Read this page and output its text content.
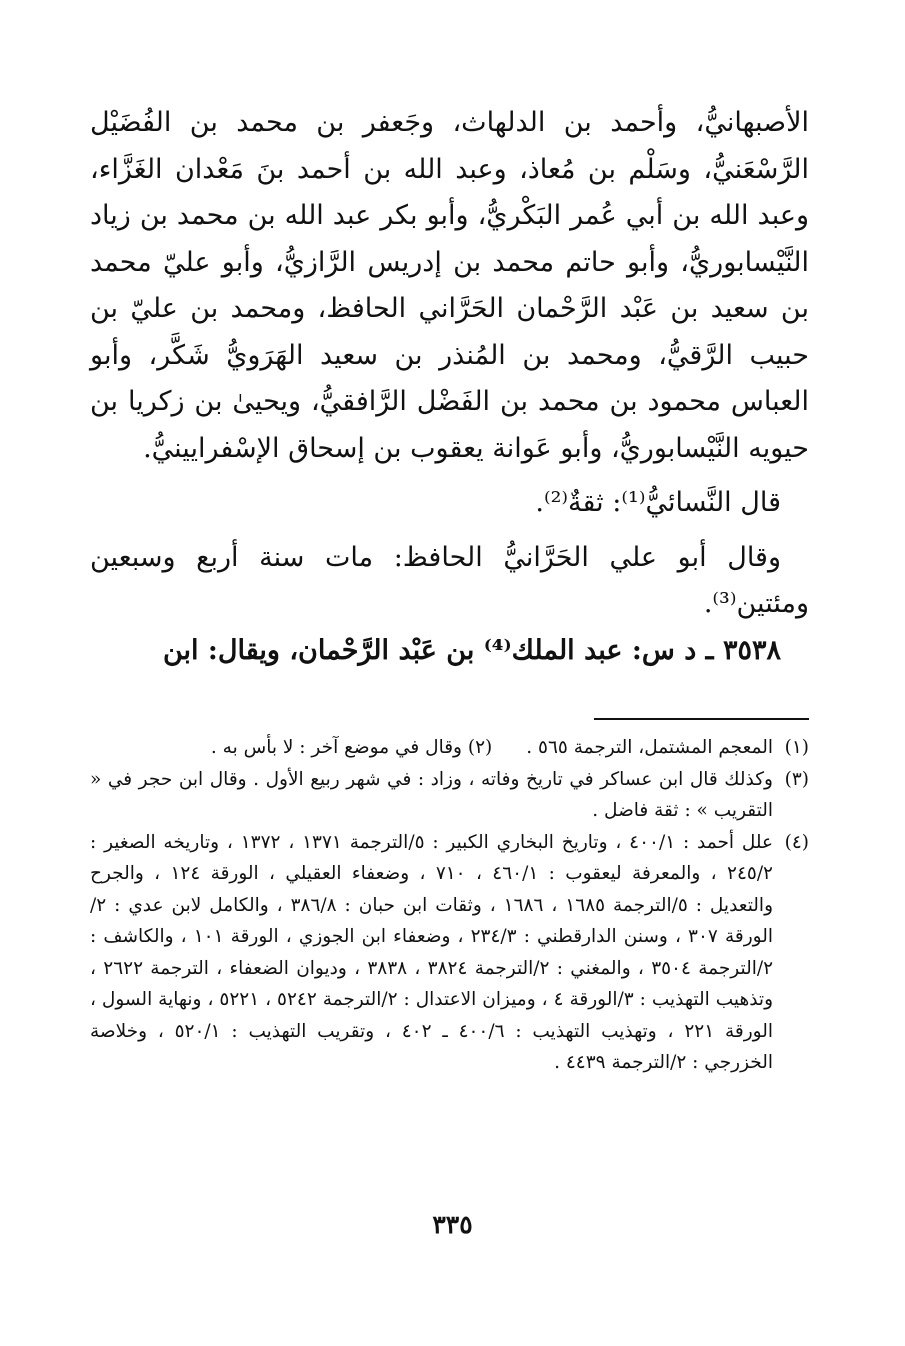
الأصبهانيُّ، وأحمد بن الدلهاث، وجَعفر بن محمد بن الفُضَيْل الرَّسْعَنيُّ، وسَلْم بن مُعاذ، وعبد الله بن أحمد بنَ مَعْدان الغَزَّاء، وعبد الله بن أبي عُمر البَكْريُّ، وأبو بكر عبد الله بن محمد بن زياد النَّيْسابوريُّ، وأبو حاتم محمد بن إدريس الرَّازيُّ، وأبو عليّ محمد بن سعيد بن عَبْد الرَّحْمان الحَرَّاني الحافظ، ومحمد بن عليّ بن حبيب الرَّقيُّ، ومحمد بن المُنذر بن سعيد الهَرَويُّ شَكَّر، وأبو العباس محمود بن محمد بن الفَضْل الرَّافقيُّ، ويحيىٰ بن زكريا بن حيويه النَّيْسابوريُّ، وأبو عَوانة يعقوب بن إسحاق الإسْفرايينيُّ.

قال النَّسائيُّ⁽¹⁾: ثقةٌ⁽²⁾.

وقال أبو علي الحَرَّانيُّ الحافظ: مات سنة أربع وسبعين ومئتين⁽³⁾.

٣٥٣٨ ـ د س: عبد الملك⁽⁴⁾ بن عَبْد الرَّحْمان، ويقال: ابن

(١)
المعجم المشتمل، الترجمة ٥٦٥ .(٢) وقال في موضع آخر : لا بأس به .
(٣)
وكذلك قال ابن عساكر في تاريخ وفاته ، وزاد : في شهر ربيع الأول . وقال ابن حجر في « التقريب » : ثقة فاضل .
(٤)
علل أحمد : ٤٠٠/١ ، وتاريخ البخاري الكبير : ٥/الترجمة ١٣٧١ ، ١٣٧٢ ، وتاريخه الصغير : ٢٤٥/٢ ، والمعرفة ليعقوب : ٤٦٠/١ ، ٧١٠ ، وضعفاء العقيلي ، الورقة ١٢٤ ، والجرح والتعديل : ٥/الترجمة ١٦٨٥ ، ١٦٨٦ ، وثقات ابن حبان : ٣٨٦/٨ ، والكامل لابن عدي : ٢/الورقة ٣٠٧ ، وسنن الدارقطني : ٢٣٤/٣ ، وضعفاء ابن الجوزي ، الورقة ١٠١ ، والكاشف : ٢/الترجمة ٣٥٠٤ ، والمغني : ٢/الترجمة ٣٨٢٤ ، ٣٨٣٨ ، وديوان الضعفاء ، الترجمة ٢٦٢٢ ، وتذهيب التهذيب : ٣/الورقة ٤ ، وميزان الاعتدال : ٢/الترجمة ٥٢٤٢ ، ٥٢٢١ ، ونهاية السول ، الورقة ٢٢١ ، وتهذيب التهذيب : ٤٠٠/٦ ـ ٤٠٢ ، وتقريب التهذيب : ٥٢٠/١ ، وخلاصة الخزرجي : ٢/الترجمة ٤٤٣٩ .
٣٣٥
